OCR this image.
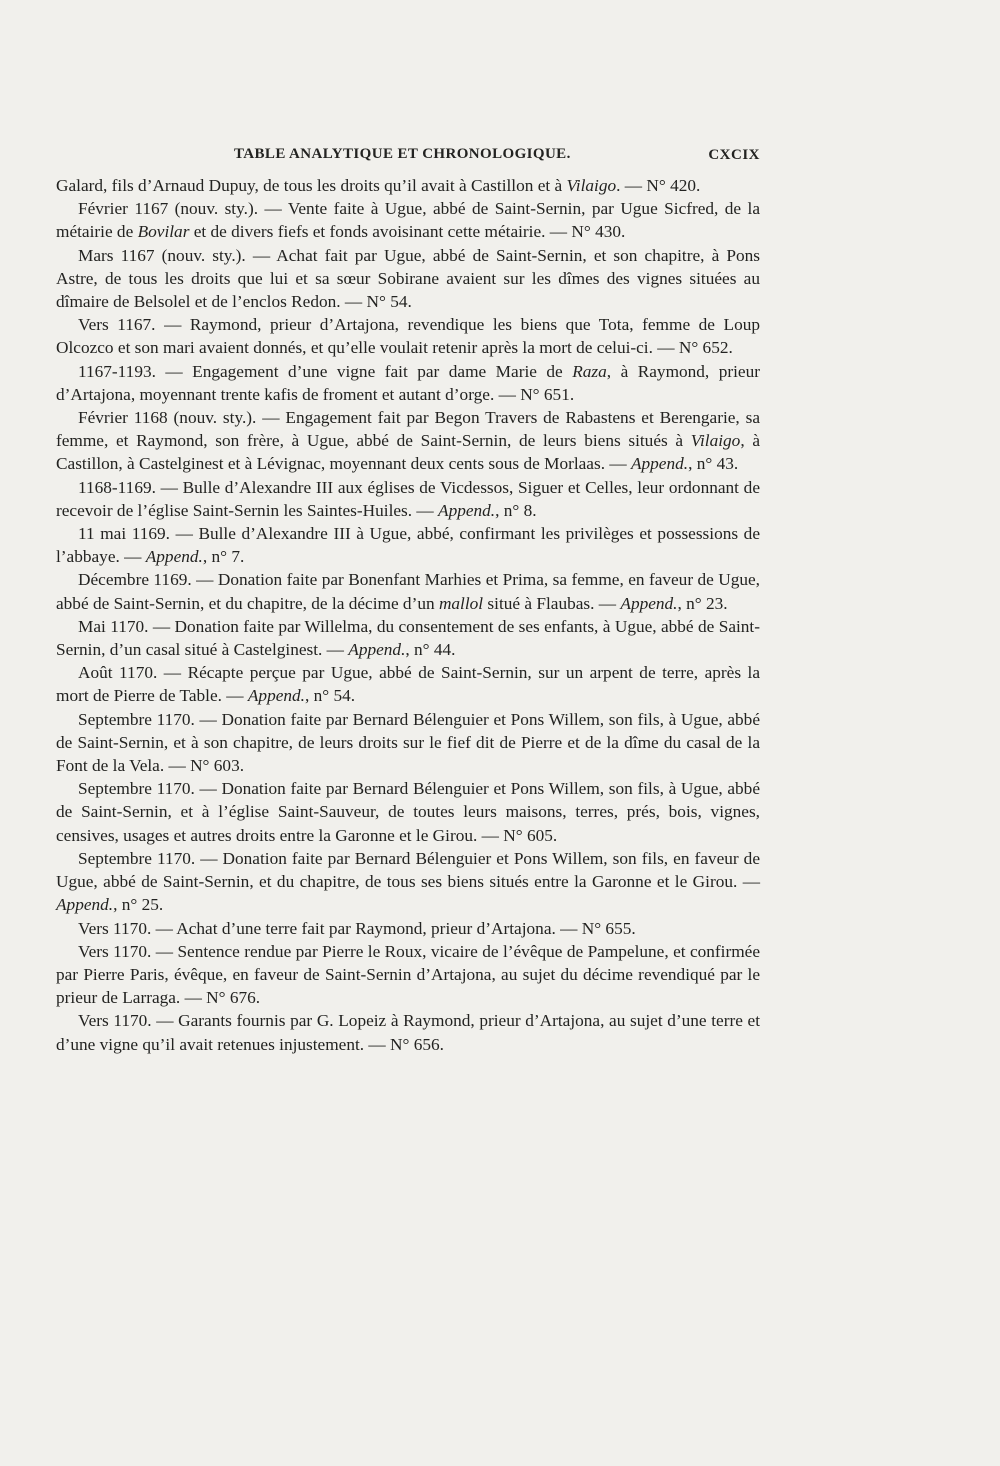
TABLE ANALYTIQUE ET CHRONOLOGIQUE.	CXCIX

Galard, fils d’Arnaud Dupuy, de tous les droits qu’il avait à Castillon et à Vilaigo. — N° 420.

Février 1167 (nouv. sty.). — Vente faite à Ugue, abbé de Saint-Sernin, par Ugue Sicfred, de la métairie de Bovilar et de divers fiefs et fonds avoisinant cette métairie. — N° 430.

Mars 1167 (nouv. sty.). — Achat fait par Ugue, abbé de Saint-Sernin, et son chapitre, à Pons Astre, de tous les droits que lui et sa sœur Sobirane avaient sur les dîmes des vignes situées au dîmaire de Belsolel et de l’enclos Redon. — N° 54.

Vers 1167. — Raymond, prieur d’Artajona, revendique les biens que Tota, femme de Loup Olcozco et son mari avaient donnés, et qu’elle voulait retenir après la mort de celui-ci. — N° 652.

1167-1193. — Engagement d’une vigne fait par dame Marie de Raza, à Raymond, prieur d’Artajona, moyennant trente kafis de froment et autant d’orge. — N° 651.

Février 1168 (nouv. sty.). — Engagement fait par Begon Travers de Rabastens et Berengarie, sa femme, et Raymond, son frère, à Ugue, abbé de Saint-Sernin, de leurs biens situés à Vilaigo, à Castillon, à Castelginest et à Lévignac, moyennant deux cents sous de Morlaas. — Append., n° 43.

1168-1169. — Bulle d’Alexandre III aux églises de Vicdessos, Siguer et Celles, leur ordonnant de recevoir de l’église Saint-Sernin les Saintes-Huiles. — Append., n° 8.

11 mai 1169. — Bulle d’Alexandre III à Ugue, abbé, confirmant les privilèges et possessions de l’abbaye. — Append., n° 7.

Décembre 1169. — Donation faite par Bonenfant Marhies et Prima, sa femme, en faveur de Ugue, abbé de Saint-Sernin, et du chapitre, de la décime d’un mallol situé à Flaubas. — Append., n° 23.

Mai 1170. — Donation faite par Willelma, du consentement de ses enfants, à Ugue, abbé de Saint-Sernin, d’un casal situé à Castelginest. — Append., n° 44.

Août 1170. — Récapte perçue par Ugue, abbé de Saint-Sernin, sur un arpent de terre, après la mort de Pierre de Table. — Append., n° 54.

Septembre 1170. — Donation faite par Bernard Bélenguier et Pons Willem, son fils, à Ugue, abbé de Saint-Sernin, et à son chapitre, de leurs droits sur le fief dit de Pierre et de la dîme du casal de la Font de la Vela. — N° 603.

Septembre 1170. — Donation faite par Bernard Bélenguier et Pons Willem, son fils, à Ugue, abbé de Saint-Sernin, et à l’église Saint-Sauveur, de toutes leurs maisons, terres, prés, bois, vignes, censives, usages et autres droits entre la Garonne et le Girou. — N° 605.

Septembre 1170. — Donation faite par Bernard Bélenguier et Pons Willem, son fils, en faveur de Ugue, abbé de Saint-Sernin, et du chapitre, de tous ses biens situés entre la Garonne et le Girou. — Append., n° 25.

Vers 1170. — Achat d’une terre fait par Raymond, prieur d’Artajona. — N° 655.

Vers 1170. — Sentence rendue par Pierre le Roux, vicaire de l’évêque de Pampelune, et confirmée par Pierre Paris, évêque, en faveur de Saint-Sernin d’Artajona, au sujet du décime revendiqué par le prieur de Larraga. — N° 676.

Vers 1170. — Garants fournis par G. Lopeiz à Raymond, prieur d’Artajona, au sujet d’une terre et d’une vigne qu’il avait retenues injustement. — N° 656.
